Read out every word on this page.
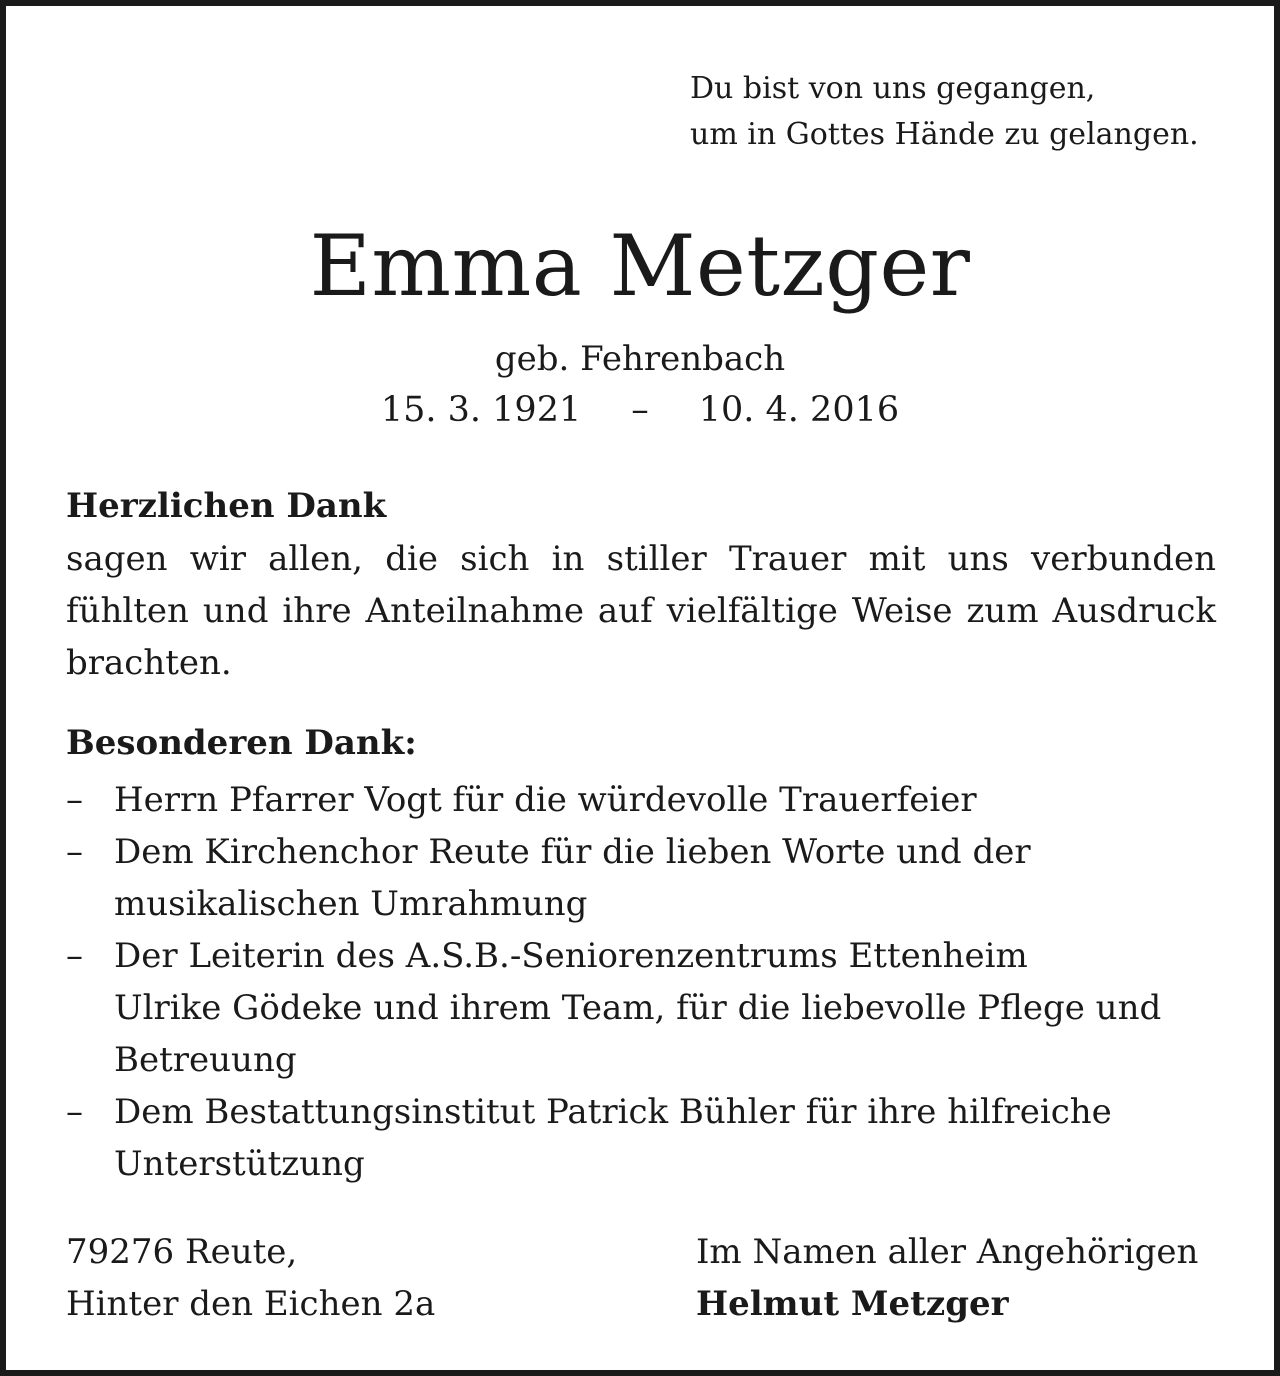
Du bist von uns gegangen,
um in Gottes Hände zu gelangen.
Emma Metzger
geb. Fehrenbach
15. 3. 1921 – 10. 4. 2016
Herzlichen Dank
sagen wir allen, die sich in stiller Trauer mit uns verbunden fühlten und ihre Anteilnahme auf vielfältige Weise zum Ausdruck brachten.
Besonderen Dank:
– Herrn Pfarrer Vogt für die würdevolle Trauerfeier
– Dem Kirchenchor Reute für die lieben Worte und der
musikalischen Umrahmung
– Der Leiterin des A.S.B.-Seniorenzentrums Ettenheim
Ulrike Gödeke und ihrem Team, für die liebevolle Pflege und
Betreuung
– Dem Bestattungsinstitut Patrick Bühler für ihre hilfreiche
Unterstützung
79276 Reute,
Hinter den Eichen 2a
Im Namen aller Angehörigen
Helmut Metzger
